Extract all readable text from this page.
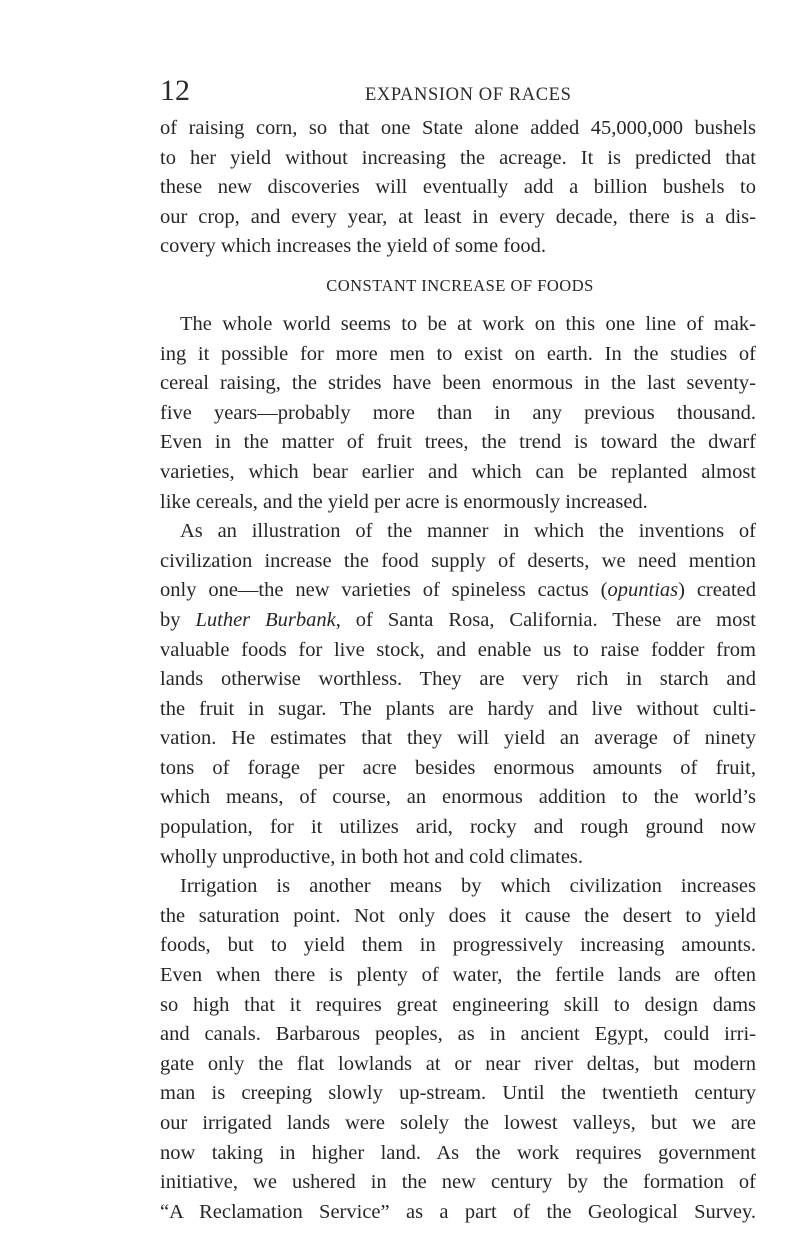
12	EXPANSION OF RACES
of raising corn, so that one State alone added 45,000,000 bushels
to her yield without increasing the acreage. It is predicted that
these new discoveries will eventually add a billion bushels to
our crop, and every year, at least in every decade, there is a dis-
covery which increases the yield of some food.
CONSTANT INCREASE OF FOODS
The whole world seems to be at work on this one line of mak-
ing it possible for more men to exist on earth. In the studies of
cereal raising, the strides have been enormous in the last seventy-
five years—probably more than in any previous thousand.
Even in the matter of fruit trees, the trend is toward the dwarf
varieties, which bear earlier and which can be replanted almost
like cereals, and the yield per acre is enormously increased.
As an illustration of the manner in which the inventions of
civilization increase the food supply of deserts, we need mention
only one—the new varieties of spineless cactus (opuntias) created
by Luther Burbank, of Santa Rosa, California. These are most
valuable foods for live stock, and enable us to raise fodder from
lands otherwise worthless. They are very rich in starch and
the fruit in sugar. The plants are hardy and live without culti-
vation. He estimates that they will yield an average of ninety
tons of forage per acre besides enormous amounts of fruit,
which means, of course, an enormous addition to the world’s
population, for it utilizes arid, rocky and rough ground now
wholly unproductive, in both hot and cold climates.
Irrigation is another means by which civilization increases
the saturation point. Not only does it cause the desert to yield
foods, but to yield them in progressively increasing amounts.
Even when there is plenty of water, the fertile lands are often
so high that it requires great engineering skill to design dams
and canals. Barbarous peoples, as in ancient Egypt, could irri-
gate only the flat lowlands at or near river deltas, but modern
man is creeping slowly up-stream. Until the twentieth century
our irrigated lands were solely the lowest valleys, but we are
now taking in higher land. As the work requires government
initiative, we ushered in the new century by the formation of
“A Reclamation Service” as a part of the Geological Survey.
